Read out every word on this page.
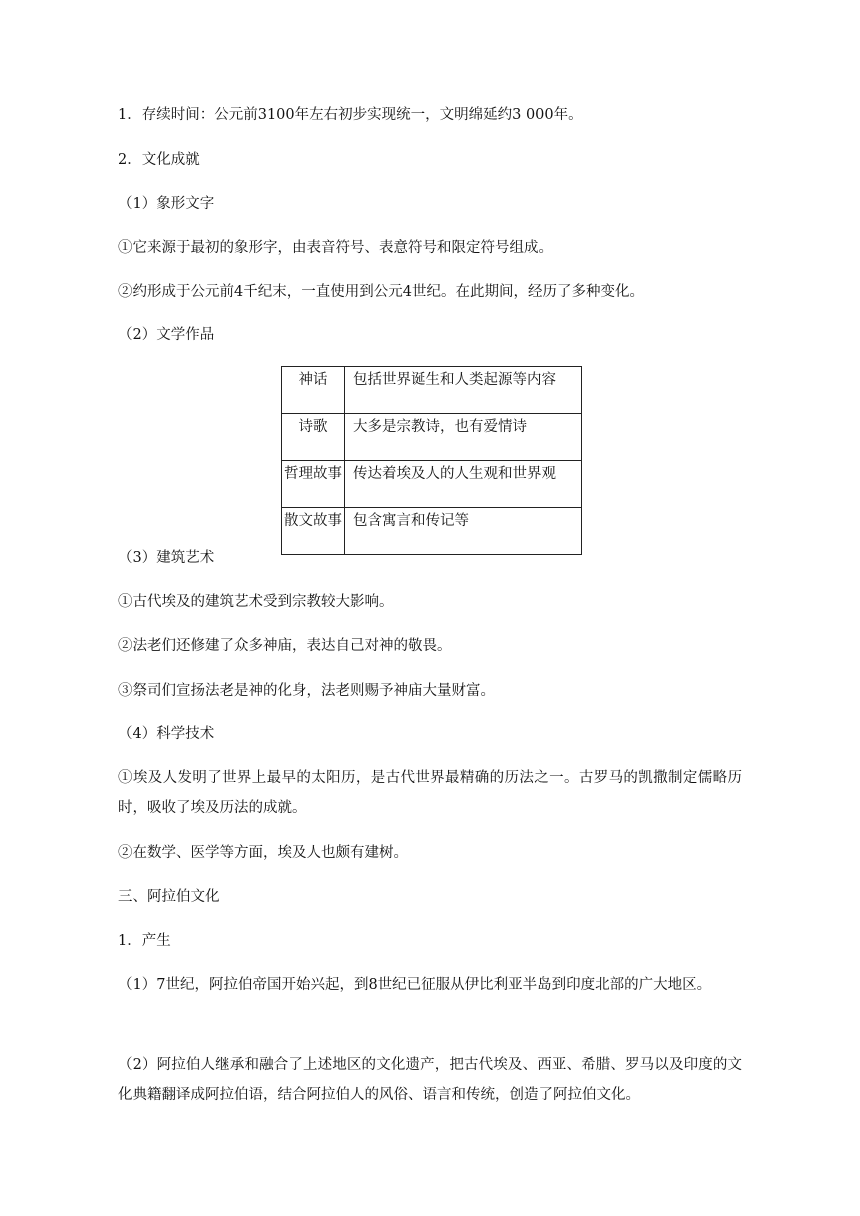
1．存续时间：公元前3100年左右初步实现统一，文明绵延约3 000年。
2．文化成就
（1）象形文字
①它来源于最初的象形字，由表音符号、表意符号和限定符号组成。
②约形成于公元前4千纪末，一直使用到公元4世纪。在此期间，经历了多种变化。
（2）文学作品
神话	包括世界诞生和人类起源等内容
诗歌	大多是宗教诗，也有爱情诗
哲理故事	传达着埃及人的人生观和世界观
散文故事	包含寓言和传记等
（3）建筑艺术
①古代埃及的建筑艺术受到宗教较大影响。
②法老们还修建了众多神庙，表达自己对神的敬畏。
③祭司们宣扬法老是神的化身，法老则赐予神庙大量财富。
（4）科学技术
①埃及人发明了世界上最早的太阳历，是古代世界最精确的历法之一。古罗马的凯撒制定儒略历时，吸收了埃及历法的成就。
②在数学、医学等方面，埃及人也颇有建树。
三、阿拉伯文化
1．产生
（1）7世纪，阿拉伯帝国开始兴起，到8世纪已征服从伊比利亚半岛到印度北部的广大地区。
（2）阿拉伯人继承和融合了上述地区的文化遗产，把古代埃及、西亚、希腊、罗马以及印度的文化典籍翻译成阿拉伯语，结合阿拉伯人的风俗、语言和传统，创造了阿拉伯文化。
